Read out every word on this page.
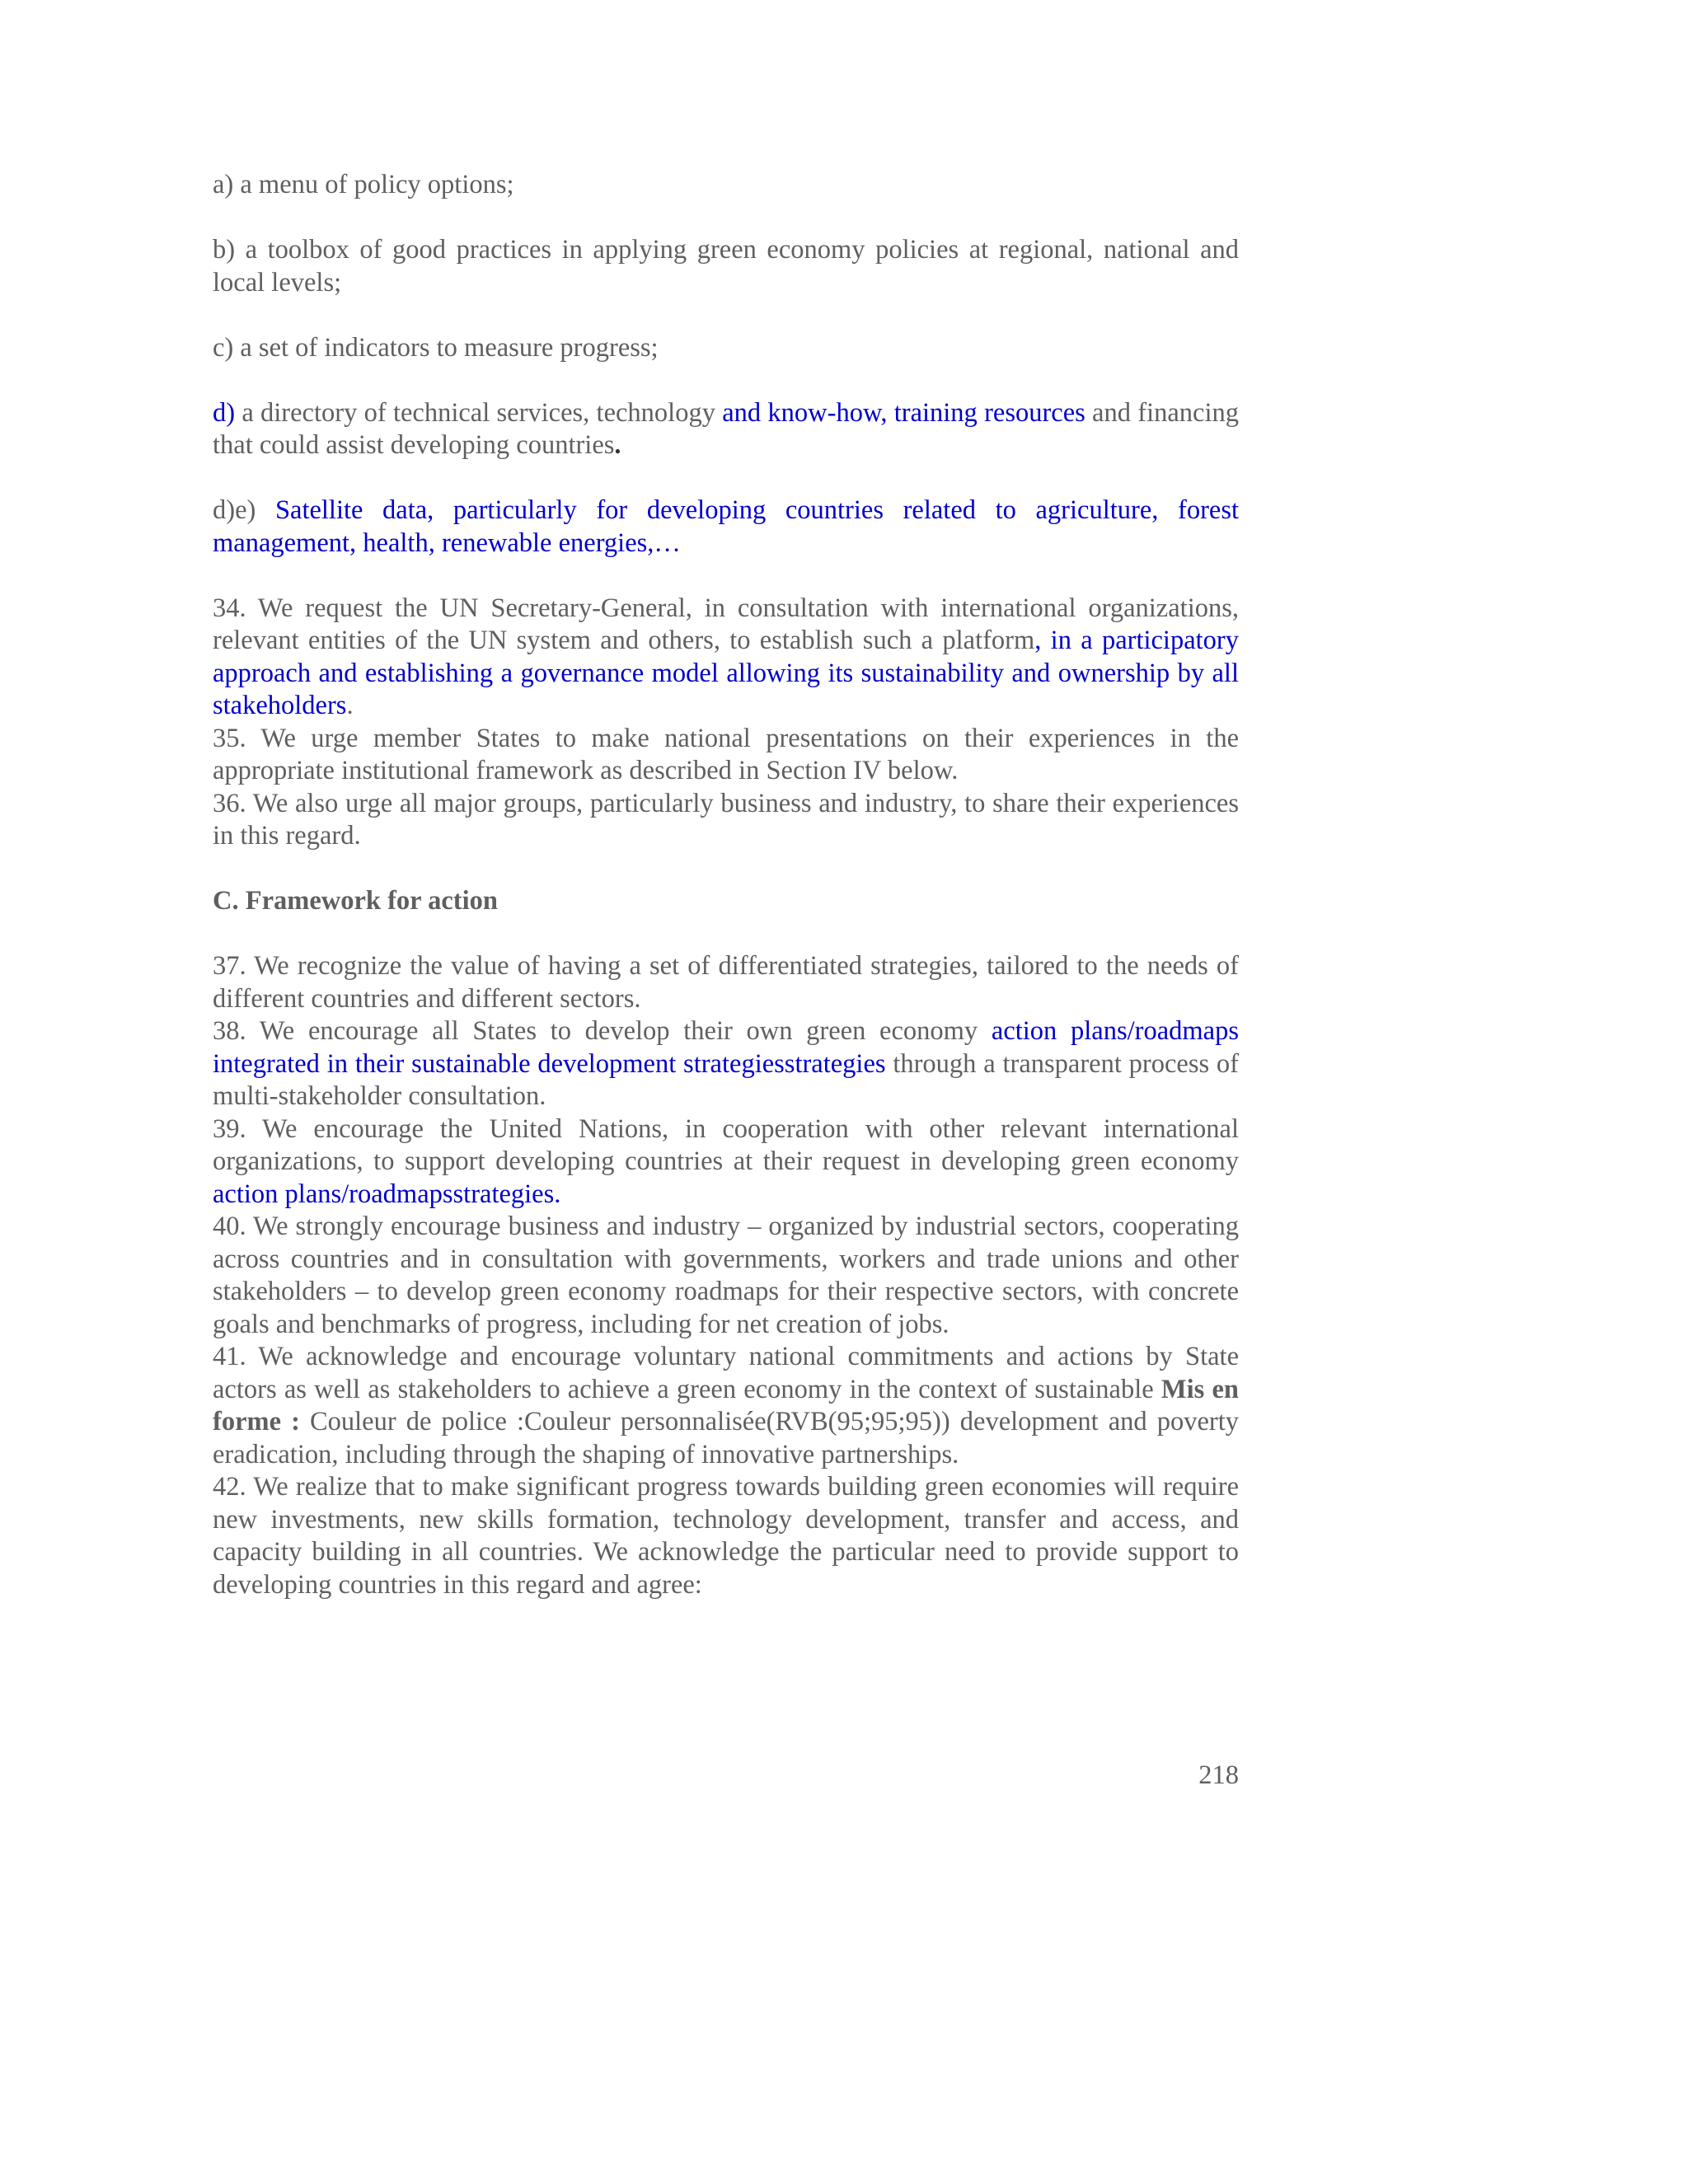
a) a menu of policy options;

b) a toolbox of good practices in applying green economy policies at regional, national and local levels;

c) a set of indicators to measure progress;

d) a directory of technical services, technology and know-how, training resources and financing that could assist developing countries.

d)e) Satellite data, particularly for developing countries related to agriculture, forest management, health, renewable energies,…

34. We request the UN Secretary-General, in consultation with international organizations, relevant entities of the UN system and others, to establish such a platform, in a participatory approach and establishing a governance model allowing its sustainability and ownership by all stakeholders.

35. We urge member States to make national presentations on their experiences in the appropriate institutional framework as described in Section IV below.

36. We also urge all major groups, particularly business and industry, to share their experiences in this regard.

C. Framework for action

37. We recognize the value of having a set of differentiated strategies, tailored to the needs of different countries and different sectors.

38. We encourage all States to develop their own green economy action plans/roadmaps integrated in their sustainable development strategiesstrategies through a transparent process of multi-stakeholder consultation.

39. We encourage the United Nations, in cooperation with other relevant international organizations, to support developing countries at their request in developing green economy action plans/roadmapsstrategies.

40. We strongly encourage business and industry – organized by industrial sectors, cooperating across countries and in consultation with governments, workers and trade unions and other stakeholders – to develop green economy roadmaps for their respective sectors, with concrete goals and benchmarks of progress, including for net creation of jobs.

41. We acknowledge and encourage voluntary national commitments and actions by State actors as well as stakeholders to achieve a green economy in the context of sustainable Mis en forme : Couleur de police :Couleur personnalisée(RVB(95;95;95)) development and poverty eradication, including through the shaping of innovative partnerships.

42. We realize that to make significant progress towards building green economies will require new investments, new skills formation, technology development, transfer and access, and capacity building in all countries. We acknowledge the particular need to provide support to developing countries in this regard and agree:

218
